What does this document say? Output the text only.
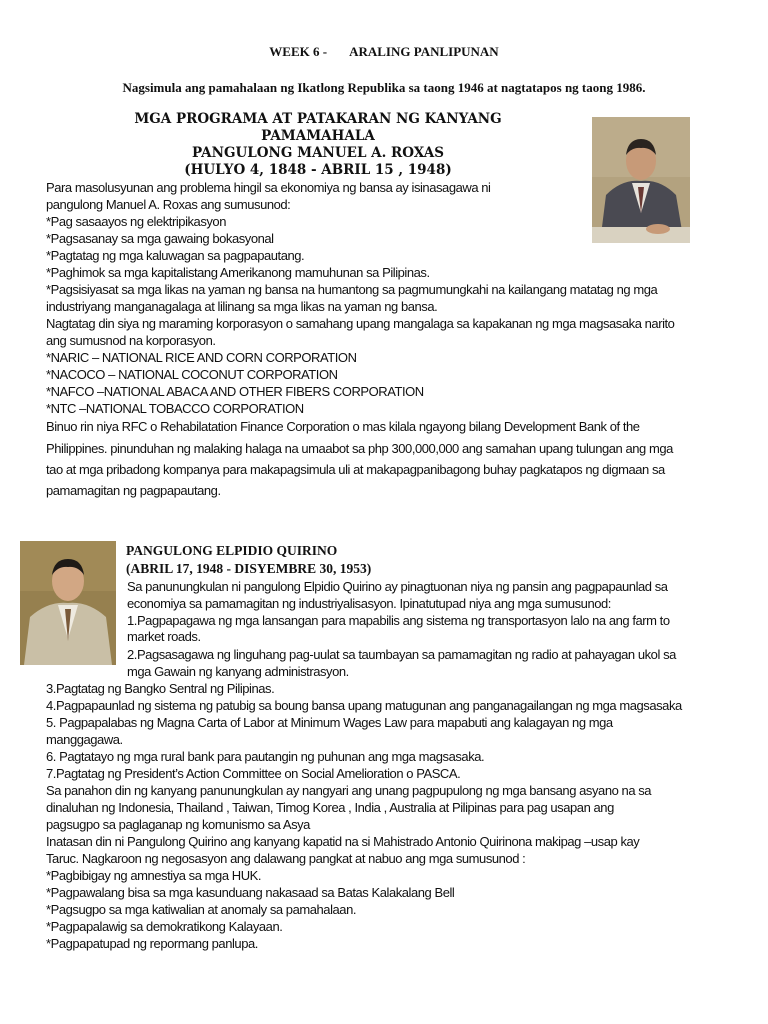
WEEK 6 - ARALING PANLIPUNAN
Nagsimula ang pamahalaan ng Ikatlong Republika sa taong 1946 at nagtatapos ng taong 1986.
MGA PROGRAMA AT PATAKARAN NG KANYANG
PAMAMAHALA
PANGULONG MANUEL A. ROXAS
(HULYO 4, 1848 - ABRIL 15 , 1948)
Para masolusyunan ang problema hingil sa ekonomiya ng bansa ay isinasagawa ni
pangulong Manuel A. Roxas ang sumusunod:
*Pag sasaayos ng elektripikasyon
*Pagsasanay sa mga gawaing bokasyonal
*Pagtatag ng mga kaluwagan sa pagpapautang.
*Paghimok sa mga kapitalistang Amerikanong mamuhunan sa Pilipinas.
*Pagsisiyasat sa mga likas na yaman ng bansa na humantong sa pagmumungkahi na kailangang matatag ng mga
industriyang manganagalaga at lilinang sa mga likas na yaman ng bansa.
Nagtatag din siya ng maraming korporasyon o samahang upang mangalaga sa kapakanan ng mga magsasaka narito
ang sumusnod na korporasyon.
*NARIC – NATIONAL RICE AND CORN CORPORATION
*NACOCO – NATIONAL COCONUT CORPORATION
*NAFCO –NATIONAL ABACA AND OTHER FIBERS CORPORATION
*NTC –NATIONAL TOBACCO CORPORATION
Binuo rin niya RFC o Rehabilatation Finance Corporation o mas kilala ngayong bilang Development Bank of the
Philippines. pinunduhan ng malaking halaga na umaabot sa php 300,000,000 ang samahan upang tulungan ang mga
tao at mga pribadong kompanya para makapagsimula uli at makapagpanibagong buhay pagkatapos ng digmaan sa
pamamagitan ng pagpapautang.
PANGULONG ELPIDIO QUIRINO
(ABRIL 17, 1948 - DISYEMBRE 30, 1953)
Sa panunungkulan ni pangulong Elpidio Quirino ay pinagtuonan niya ng pansin ang pagpapaunlad sa
economiya sa pamamagitan ng industriyalisasyon. Ipinatutupad niya ang mga sumusunod:
1.Pagpapagawa ng mga lansangan para mapabilis ang sistema ng transportasyon lalo na ang farm to
market roads.
2.Pagsasagawa ng linguhang pag-uulat sa taumbayan sa pamamagitan ng radio at pahayagan ukol sa
mga Gawain ng kanyang administrasyon.
3.Pagtatag ng Bangko Sentral ng Pilipinas.
4.Pagpapaunlad ng sistema ng patubig sa boung bansa upang matugunan ang panganagailangan ng mga magsasaka
5. Pagpapalabas ng Magna Carta of Labor at Minimum Wages Law para mapabuti ang kalagayan ng mga
manggagawa.
6. Pagtatayo ng mga rural bank para pautangin ng puhunan ang mga magsasaka.
7.Pagtatag ng President’s Action Committee on Social Amelioration o PASCA.
Sa panahon din ng kanyang panunungkulan ay nangyari ang unang pagpupulong ng mga bansang asyano na sa
dinaluhan ng Indonesia, Thailand , Taiwan, Timog Korea , India , Australia at Pilipinas para pag usapan ang
pagsugpo sa paglaganap ng komunismo sa Asya
Inatasan din ni Pangulong Quirino ang kanyang kapatid na si Mahistrado Antonio Quirinona makipag –usap kay
Taruc. Nagkaroon ng negosasyon ang dalawang pangkat at nabuo ang mga sumusunod :
*Pagbibigay ng amnestiya sa mga HUK.
*Pagpawalang bisa sa mga kasunduang nakasaad sa Batas Kalakalang Bell
*Pagsugpo sa mga katiwalian at anomaly sa pamahalaan.
*Pagpapalawig sa demokratikong Kalayaan.
*Pagpapatupad ng repormang panlupa.
